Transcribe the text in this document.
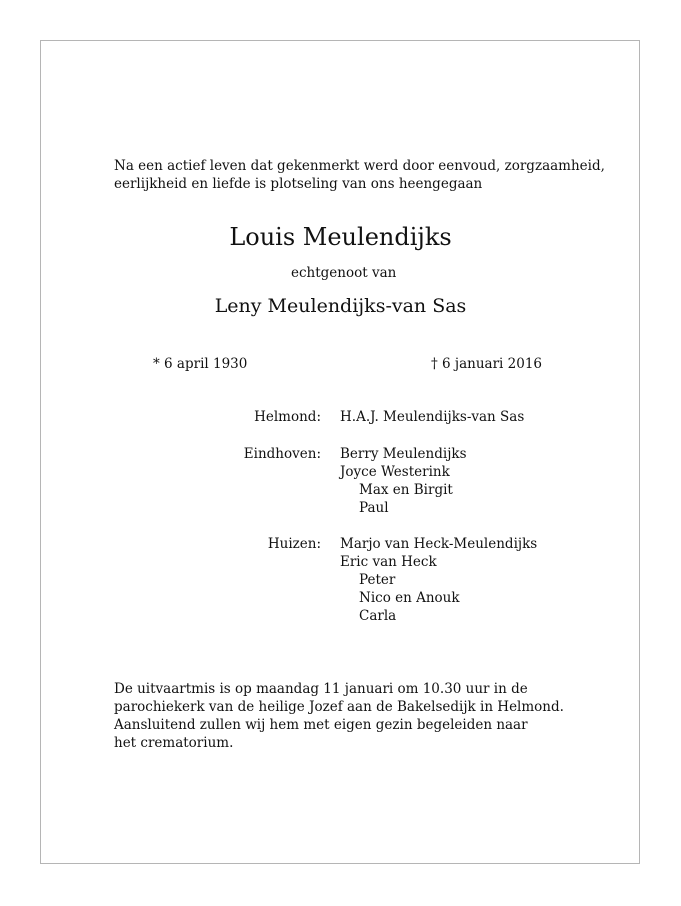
Na een actief leven dat gekenmerkt werd door eenvoud, zorgzaamheid,
eerlijkheid en liefde is plotseling van ons heengegaan
Louis Meulendijks
echtgenoot van
Leny Meulendijks-van Sas
* 6 april 1930	† 6 januari 2016
Helmond: H.A.J. Meulendijks-van Sas
Eindhoven: Berry Meulendijks
Joyce Westerink
Max en Birgit
Paul
Huizen: Marjo van Heck-Meulendijks
Eric van Heck
Peter
Nico en Anouk
Carla
De uitvaartmis is op maandag 11 januari om 10.30 uur in de
parochiekerk van de heilige Jozef aan de Bakelsedijk in Helmond.
Aansluitend zullen wij hem met eigen gezin begeleiden naar
het crematorium.
